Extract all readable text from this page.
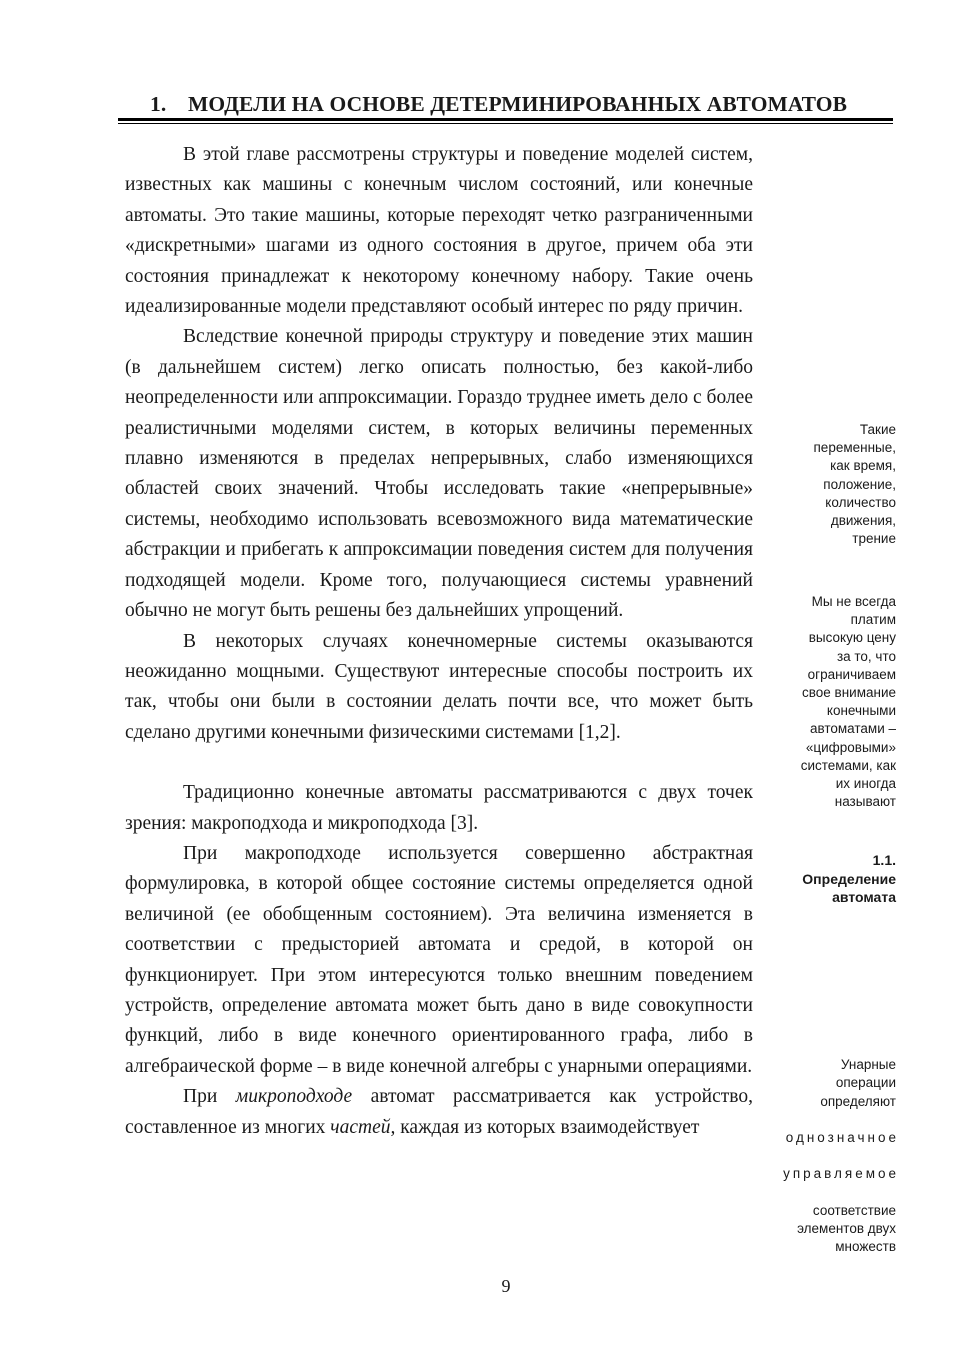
1. МОДЕЛИ НА ОСНОВЕ ДЕТЕРМИНИРОВАННЫХ АВТОМАТОВ

В этой главе рассмотрены структуры и поведение моделей систем, известных как машины с конечным числом состояний, или конечные автоматы. Это такие машины, которые переходят четко разграниченными «дискретными» шагами из одного состояния в другое, причем оба эти состояния принадлежат к некоторому конечному набору. Такие очень идеализированные модели представляют особый интерес по ряду причин.

Вследствие конечной природы структуру и поведение этих машин (в дальнейшем систем) легко описать полностью, без какой-либо неопределенности или аппроксимации. Гораздо труднее иметь дело с более реалистичными моделями систем, в которых величины переменных плавно изменяются в пределах непрерывных, слабо изменяющихся областей своих значений. Чтобы исследовать такие «непрерывные» системы, необходимо использовать всевозможного вида математические абстракции и прибегать к аппроксимации поведения систем для получения подходящей модели. Кроме того, получающиеся системы уравнений обычно не могут быть решены без дальнейших упрощений.

В некоторых случаях конечномерные системы оказываются неожиданно мощными. Существуют интересные способы построить их так, чтобы они были в состоянии делать почти все, что может быть сделано другими конечными физическими системами [1,2].

Традиционно конечные автоматы рассматриваются с двух точек зрения: макроподхода и микроподхода [3].

При макроподходе используется совершенно абстрактная формулировка, в которой общее состояние системы определяется одной величиной (ее обобщенным состоянием). Эта величина изменяется в соответствии с предысторией автомата и средой, в которой он функционирует. При этом интересуются только внешним поведением устройств, определение автомата может быть дано в виде совокупности функций, либо в виде конечного ориентированного графа, либо в алгебраической форме – в виде конечной алгебры с унарными операциями.

При микроподходе автомат рассматривается как устройство, составленное из многих частей, каждая из которых взаимодействует

Такие
переменные,
как время,
положение,
количество
движения,
трение
Мы не всегда
платим
высокую цену
за то, что
ограничиваем
свое внимание
конечными
автоматами –
«цифровыми»
системами, как
их иногда
называют
1.1.
Определение
автомата

Унарные
операции
определяют

однозначное

управляемое

соответствие
элементов двух
множеств

9
